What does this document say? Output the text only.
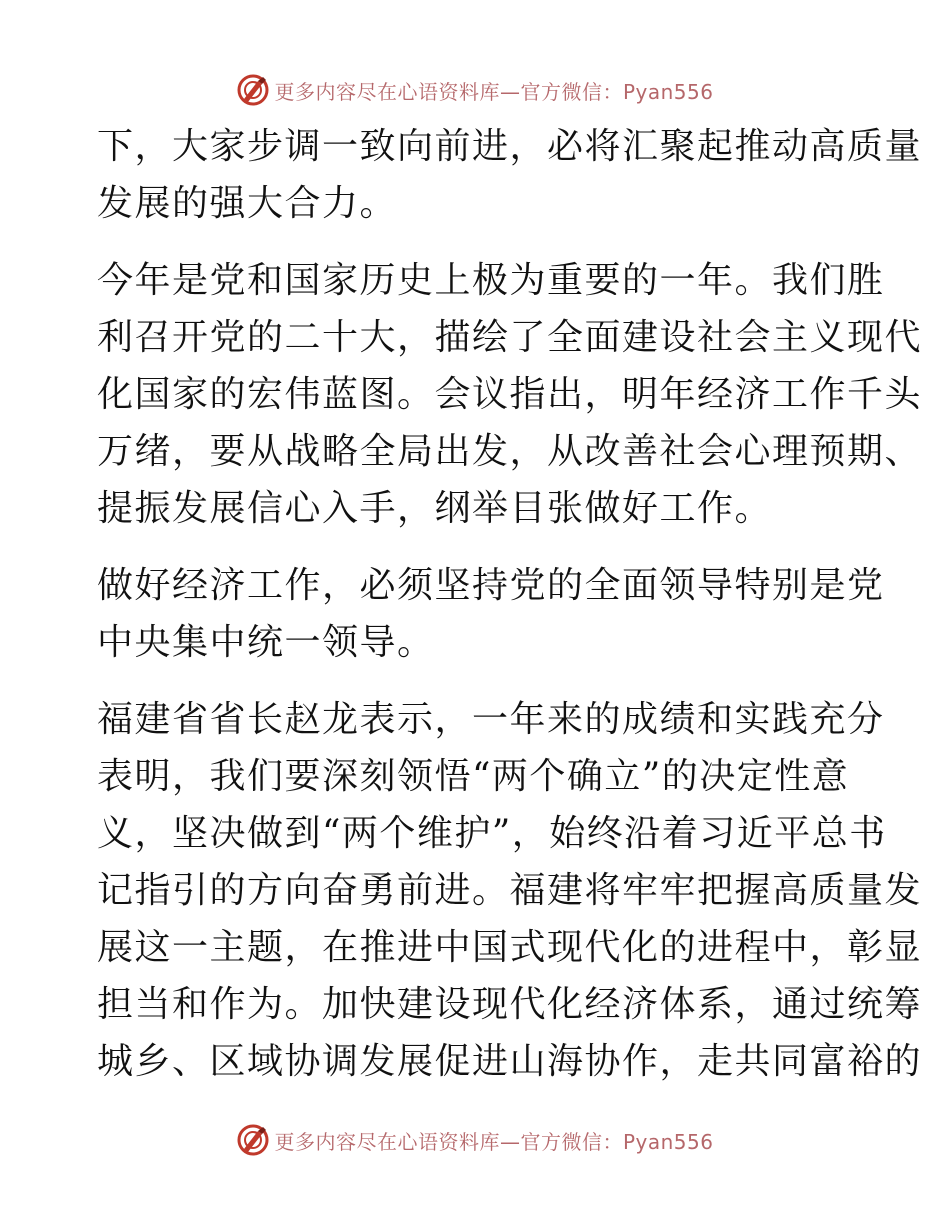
更多内容尽在心语资料库—官方微信：Pyan556

下，大家步调一致向前进，必将汇聚起推动高质量
发展的强大合力。

今年是党和国家历史上极为重要的一年。我们胜
利召开党的二十大，描绘了全面建设社会主义现代
化国家的宏伟蓝图。会议指出，明年经济工作千头
万绪，要从战略全局出发，从改善社会心理预期、
提振发展信心入手，纲举目张做好工作。

做好经济工作，必须坚持党的全面领导特别是党
中央集中统一领导。

福建省省长赵龙表示，一年来的成绩和实践充分
表明，我们要深刻领悟“两个确立”的决定性意
义，坚决做到“两个维护”，始终沿着习近平总书
记指引的方向奋勇前进。福建将牢牢把握高质量发
展这一主题，在推进中国式现代化的进程中，彰显
担当和作为。加快建设现代化经济体系，通过统筹
城乡、区域协调发展促进山海协作，走共同富裕的

更多内容尽在心语资料库—官方微信：Pyan556
